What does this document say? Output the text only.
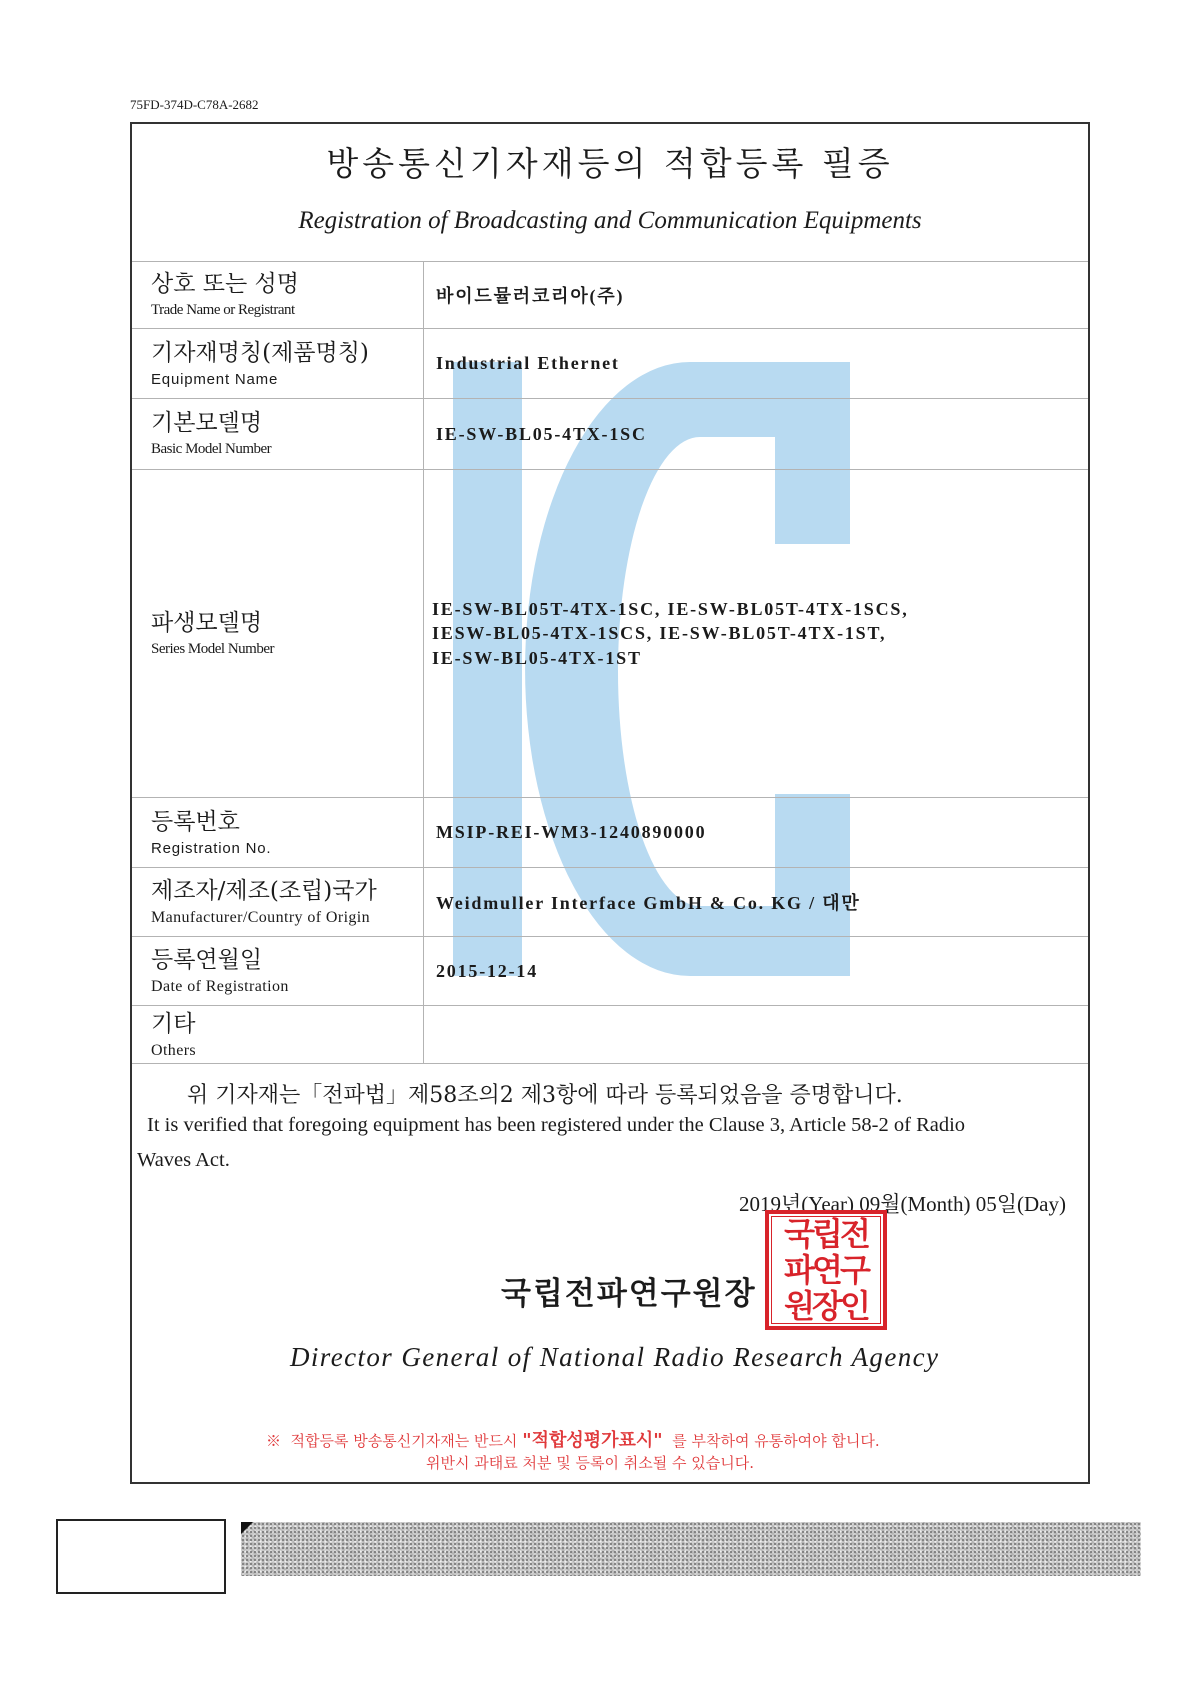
75FD-374D-C78A-2682
방송통신기자재등의 적합등록 필증
Registration of Broadcasting and Communication Equipments
상호 또는 성명
Trade Name or Registrant
바이드뮬러코리아(주)
기자재명칭(제품명칭)
Equipment Name
Industrial Ethernet
기본모델명
Basic Model Number
IE-SW-BL05-4TX-1SC
파생모델명
Series Model Number
IE-SW-BL05T-4TX-1SC, IE-SW-BL05T-4TX-1SCS,
IESW-BL05-4TX-1SCS, IE-SW-BL05T-4TX-1ST,
IE-SW-BL05-4TX-1ST
등록번호
Registration No.
MSIP-REI-WM3-1240890000
제조자/제조(조립)국가
Manufacturer/Country of Origin
Weidmuller Interface GmbH & Co. KG / 대만
등록연월일
Date of Registration
2015-12-14
기타
Others
위 기자재는「전파법」제58조의2 제3항에 따라 등록되었음을 증명합니다.
It is verified that foregoing equipment has been registered under the Clause 3, Article 58-2 of Radio
Waves Act.
2019년(Year) 09월(Month) 05일(Day)
국립전
파연구
원장인
국립전파연구원장
Director General of National Radio Research Agency
※  적합등록 방송통신기자재는 반드시 "적합성평가표시"  를 부착하여 유통하여야 합니다.
위반시 과태료 처분 및 등록이 취소될 수 있습니다.
